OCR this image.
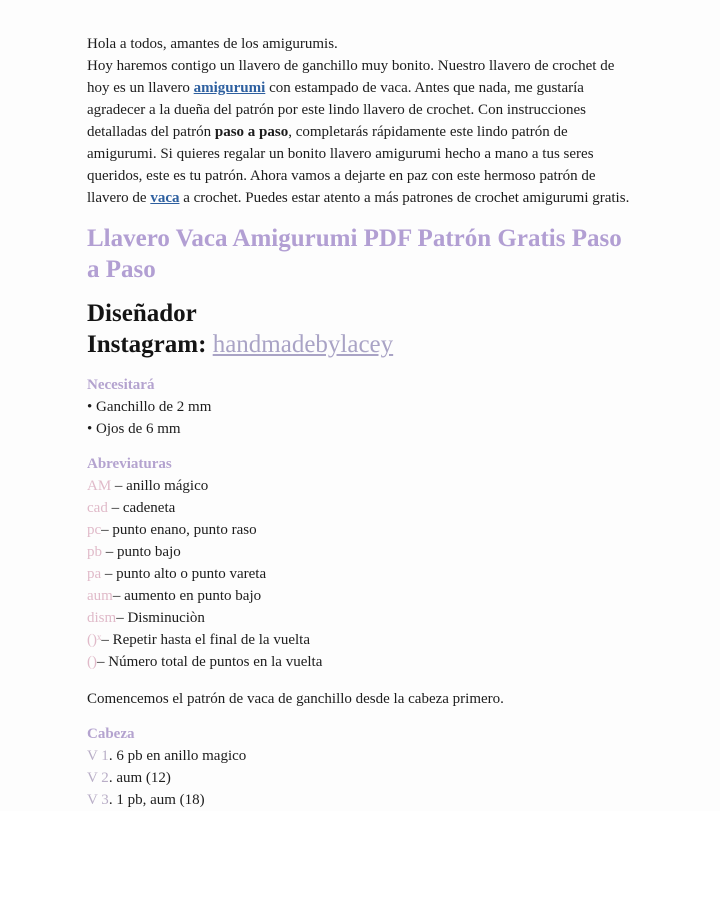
Hola a todos, amantes de los amigurumis.
Hoy haremos contigo un llavero de ganchillo muy bonito. Nuestro llavero de crochet de hoy es un llavero amigurumi con estampado de vaca. Antes que nada, me gustaría agradecer a la dueña del patrón por este lindo llavero de crochet. Con instrucciones detalladas del patrón paso a paso, completarás rápidamente este lindo patrón de amigurumi. Si quieres regalar un bonito llavero amigurumi hecho a mano a tus seres queridos, este es tu patrón. Ahora vamos a dejarte en paz con este hermoso patrón de llavero de vaca a crochet. Puedes estar atento a más patrones de crochet amigurumi gratis.

Llavero Vaca Amigurumi PDF Patrón Gratis Paso a Paso
Diseñador
Instagram: handmadebylacey
Necesitará
• Ganchillo de 2 mm
• Ojos de 6 mm
Abreviaturas
AM – anillo mágico
cad – cadeneta
pc– punto enano, punto raso
pb – punto bajo
pa – punto alto o punto vareta
aum– aumento en punto bajo
dism– Disminuciòn
()ˣ– Repetir hasta el final de la vuelta
()– Número total de puntos en la vuelta

Comencemos el patrón de vaca de ganchillo desde la cabeza primero.

Cabeza
V 1. 6 pb en anillo magico
V 2. aum (12)
V 3. 1 pb, aum (18)
